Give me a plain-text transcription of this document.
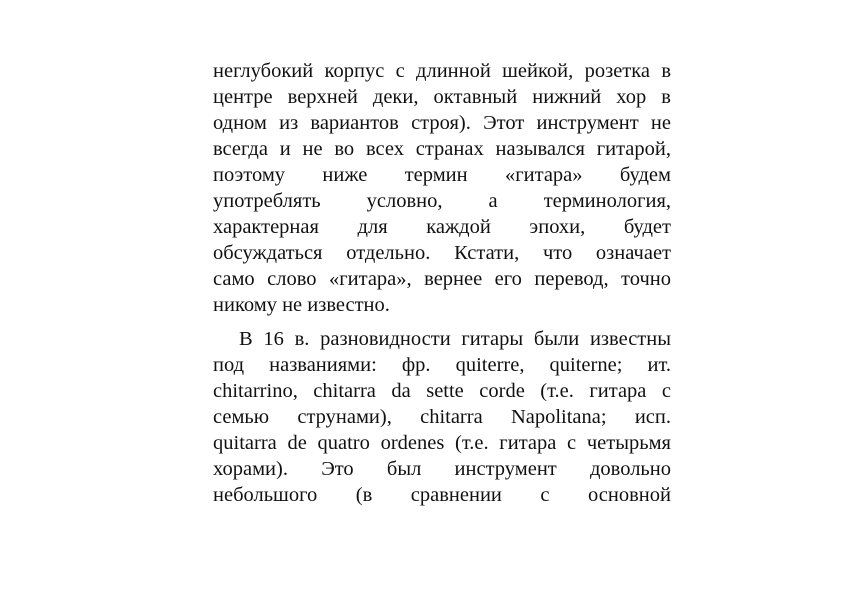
неглубокий корпус с длинной шейкой, розетка в
центре верхней деки, октавный нижний хор в
одном из вариантов строя). Этот инструмент не
всегда и не во всех странах назывался гитарой,
поэтому ниже термин «гитара» будем
употреблять условно, а терминология,
характерная для каждой эпохи, будет
обсуждаться отдельно. Кстати, что означает
само слово «гитара», вернее его перевод, точно
никому не известно.
В 16 в. разновидности гитары были известны
под названиями: фр. quiterre, quiterne; ит.
chitarrino, chitarra da sette corde (т.е. гитара с
семью струнами), chitarra Napolitana; исп.
quitarra de quatro ordenes (т.е. гитара с четырьмя
хорами). Это был инструмент довольно
небольшого (в сравнении с основной
